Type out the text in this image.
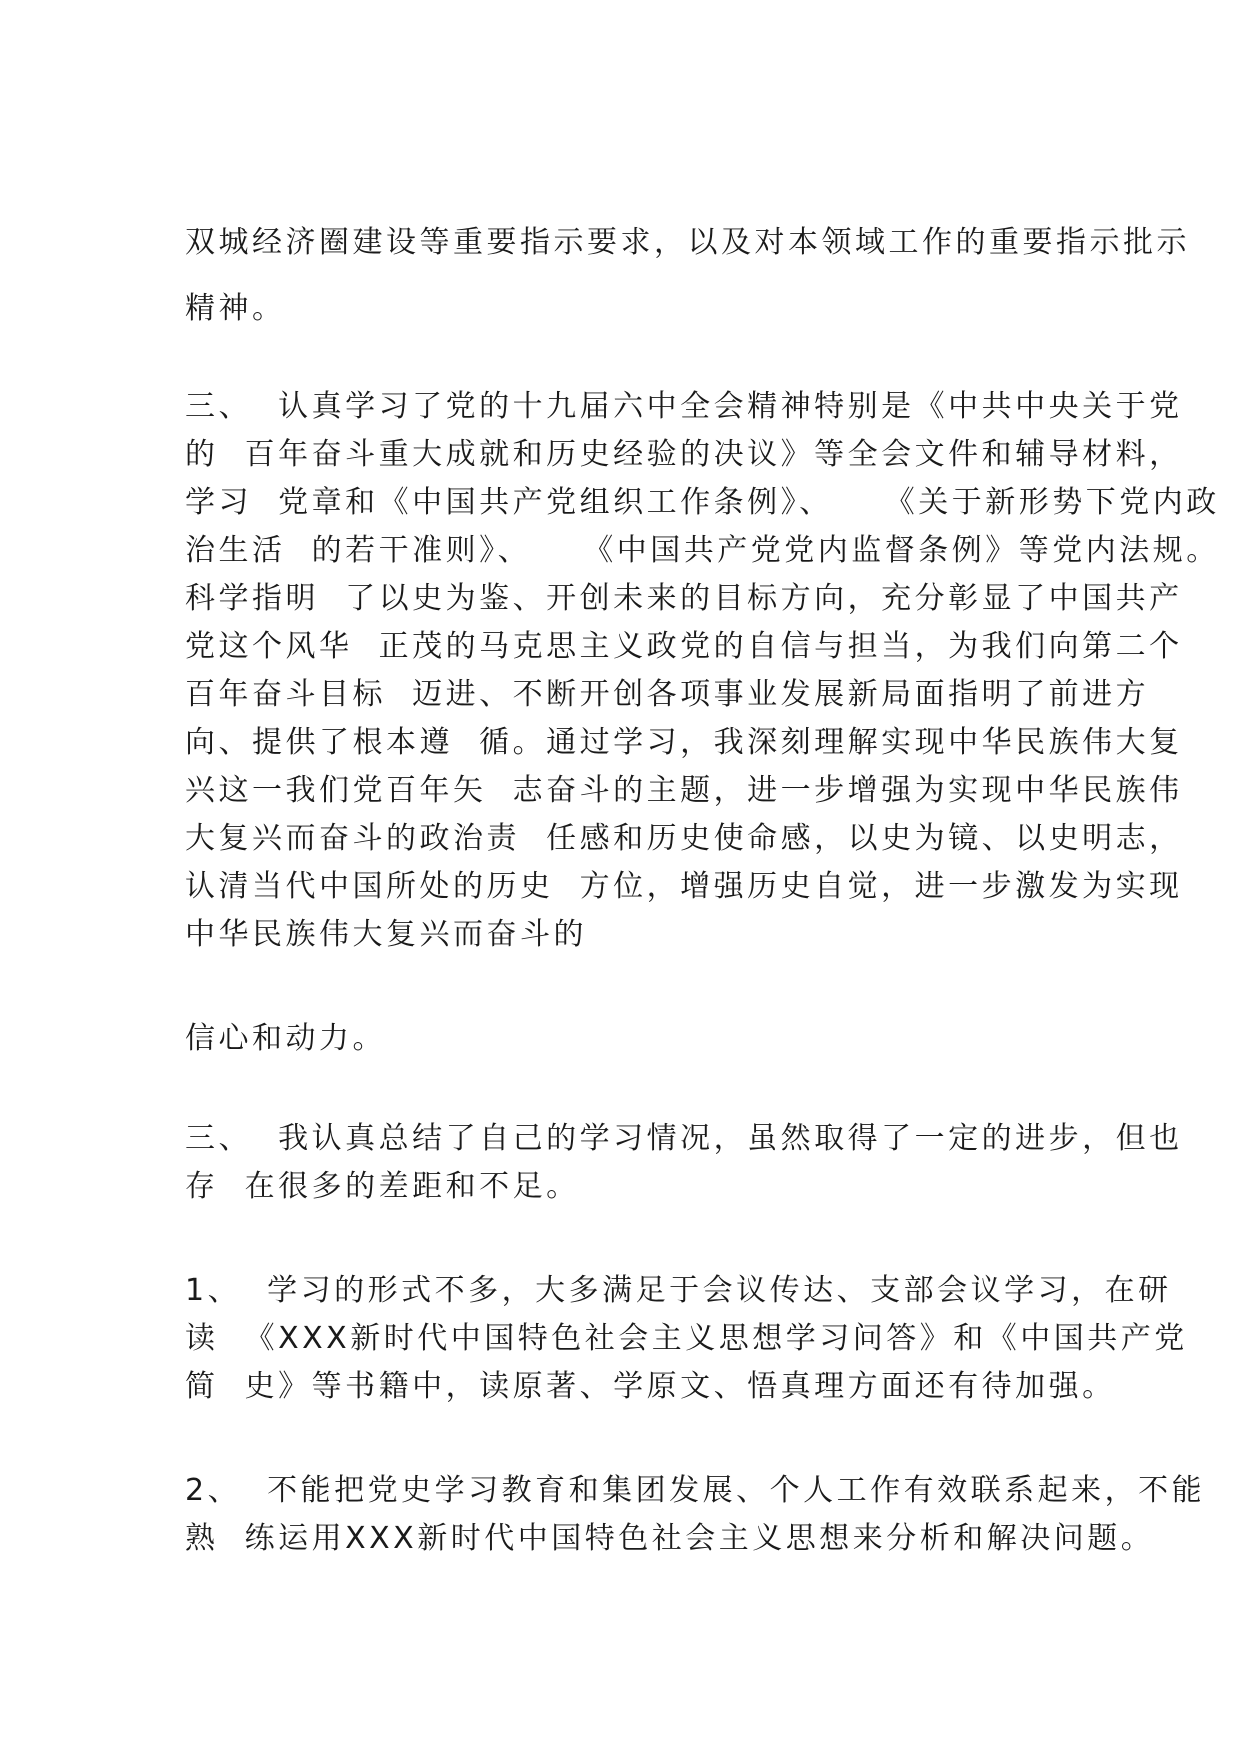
双城经济圈建设等重要指示要求，以及对本领域工作的重要指示批示
精神。
三、  认真学习了党的十九届六中全会精神特别是《中共中央关于党
的  百年奋斗重大成就和历史经验的决议》等全会文件和辅导材料，
学习  党章和《中国共产党组织工作条例》、    《关于新形势下党内政
治生活  的若干准则》、    《中国共产党党内监督条例》等党内法规。
科学指明  了以史为鉴、开创未来的目标方向，充分彰显了中国共产
党这个风华  正茂的马克思主义政党的自信与担当，为我们向第二个
百年奋斗目标  迈进、不断开创各项事业发展新局面指明了前进方
向、提供了根本遵  循。通过学习，我深刻理解实现中华民族伟大复
兴这一我们党百年矢  志奋斗的主题，进一步增强为实现中华民族伟
大复兴而奋斗的政治责  任感和历史使命感，以史为镜、以史明志，
认清当代中国所处的历史  方位，增强历史自觉，进一步激发为实现
中华民族伟大复兴而奋斗的
信心和动力。
三、  我认真总结了自己的学习情况，虽然取得了一定的进步，但也
存  在很多的差距和不足。
1、  学习的形式不多，大多满足于会议传达、支部会议学习，在研
读  《XXX新时代中国特色社会主义思想学习问答》和《中国共产党
简  史》等书籍中，读原著、学原文、悟真理方面还有待加强。
2、  不能把党史学习教育和集团发展、个人工作有效联系起来，不能
熟  练运用XXX新时代中国特色社会主义思想来分析和解决问题。
